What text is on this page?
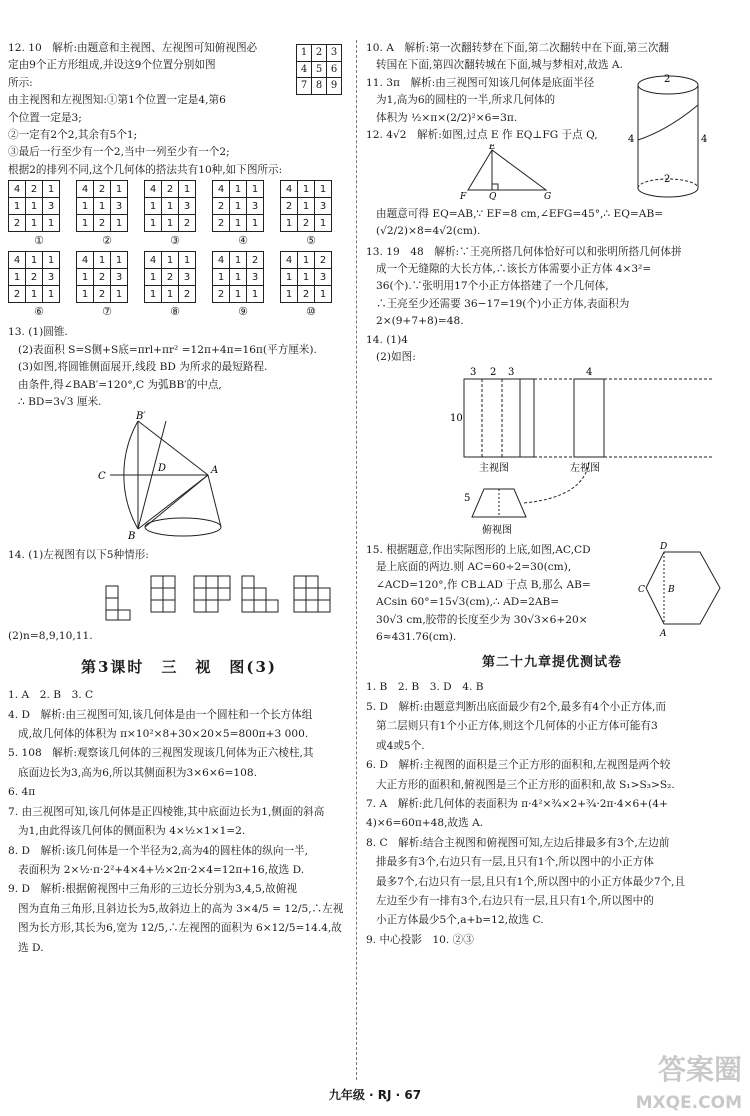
12. 10　解析:由题意和主视图、左视图可知俯视图必

定由9个正方形组成,并设这9个位置分别如图

所示:

由主视图和左视图知:①第1个位置一定是4,第6

个位置一定是3;

②一定有2个2,其余有5个1;

③最后一行至少有一个2,当中一列至少有一个2;

根据2的排列不同,这个几何体的搭法共有10种,如下图所示:

1	2	3
4	5	6
7	8	9
4	2	1
1	1	3
2	1	1
①
4	2	1
1	1	3
1	2	1
②
4	2	1
1	1	3
1	1	2
③
4	1	1
2	1	3
2	1	1
④
4	1	1
2	1	3
1	2	1
⑤
4	1	1
1	2	3
2	1	1
⑥
4	1	1
1	2	3
1	2	1
⑦
4	1	1
1	2	3
1	1	2
⑧
4	1	2
1	1	3
2	1	1
⑨
4	1	2
1	1	3
1	2	1
⑩

13. (1)圆锥.

(2)表面积 S=S侧+S底=πrl+πr² =12π+4π=16π(平方厘米).

(3)如图,将圆锥侧面展开,线段 BD 为所求的最短路程.

由条件,得∠BAB′=120°,C 为弧BB′的中点,

∴ BD=3√3 厘米.

B′
C
D	A
B

14. (1)左视图有以下5种情形:

(2)n=8,9,10,11.

第3课时　三　视　图(3)

1. A　2. B　3. C

4. D　解析:由三视图可知,该几何体是由一个圆柱和一个长方体组

成,故几何体的体积为 π×10²×8+30×20×5=800π+3 000.

5. 108　解析:观察该几何体的三视图发现该几何体为正六棱柱,其

底面边长为3,高为6,所以其侧面积为3×6×6=108.

6. 4π

7. 由三视图可知,该几何体是正四棱锥,其中底面边长为1,侧面的斜高

为1,由此得该几何体的侧面积为 4×½×1×1=2.

8. D　解析:该几何体是一个半径为2,高为4的圆柱体的纵向一半,

表面积为 2×½·π·2²+4×4+½×2π·2×4=12π+16,故选 D.

9. D　解析:根据俯视图中三角形的三边长分别为3,4,5,故俯视

图为直角三角形,且斜边长为5,故斜边上的高为 3×4/5 = 12/5,∴左视

图为长方形,其长为6,宽为 12/5,∴左视图的面积为 6×12/5=14.4,故

选 D.

10. A　解析:第一次翻转梦在下面,第二次翻转中在下面,第三次翻

转国在下面,第四次翻转城在下面,城与梦相对,故选 A.

11. 3π　解析:由三视图可知该几何体是底面半径

为1,高为6的圆柱的一半,所求几何体的

体积为 ½×π×(2/2)²×6=3π.

12. 4√2　解析:如图,过点 E 作 EQ⊥FG 于点 Q,

2
4	4
2
E
F	Q	G

由题意可得 EQ=AB,∵ EF=8 cm,∠EFG=45°,∴ EQ=AB=

(√2/2)×8=4√2(cm).

13. 19　48　解析:∵王亮所搭几何体恰好可以和张明所搭几何体拼

成一个无缝隙的大长方体,∴该长方体需要小正方体 4×3²=

36(个).∵张明用17个小正方体搭建了一个几何体,

∴王亮至少还需要 36−17=19(个)小正方体,表面积为

2×(9+7+8)=48.

14. (1)4

(2)如图:

10
3 2 3	4
5
主视图	左视图
俯视图

15. 根据题意,作出实际图形的上底,如图,AC,CD

是上底面的两边.则 AC=60÷2=30(cm),

∠ACD=120°,作 CB⊥AD 于点 B,那么 AB=

ACsin 60°=15√3(cm),∴ AD=2AB=

30√3 cm,胶带的长度至少为 30√3×6+20×

6≈431.76(cm).

D
C	B
A
第二十九章提优测试卷

1. B　2. B　3. D　4. B

5. D　解析:由题意判断出底面最少有2个,最多有4个小正方体,而

第二层则只有1个小正方体,则这个几何体的小正方体可能有3

或4或5个.

6. D　解析:主视图的面积是三个正方形的面积和,左视图是两个较

大正方形的面积和,俯视图是三个正方形的面积和,故 S₁>S₃>S₂.

7. A　解析:此几何体的表面积为 π·4²×¾×2+¾·2π·4×6+(4+

4)×6=60π+48,故选 A.

8. C　解析:结合主视图和俯视图可知,左边后排最多有3个,左边前

排最多有3个,右边只有一层,且只有1个,所以图中的小正方体

最多7个,右边只有一层,且只有1个,所以图中的小正方体最少7个,且

左边至少有一排有3个,右边只有一层,且只有1个,所以图中的

小正方体最少5个,a+b=12,故选 C.

9. 中心投影　10. ②③

答案圈
MXQE.COM
九年级 · RJ · 67
